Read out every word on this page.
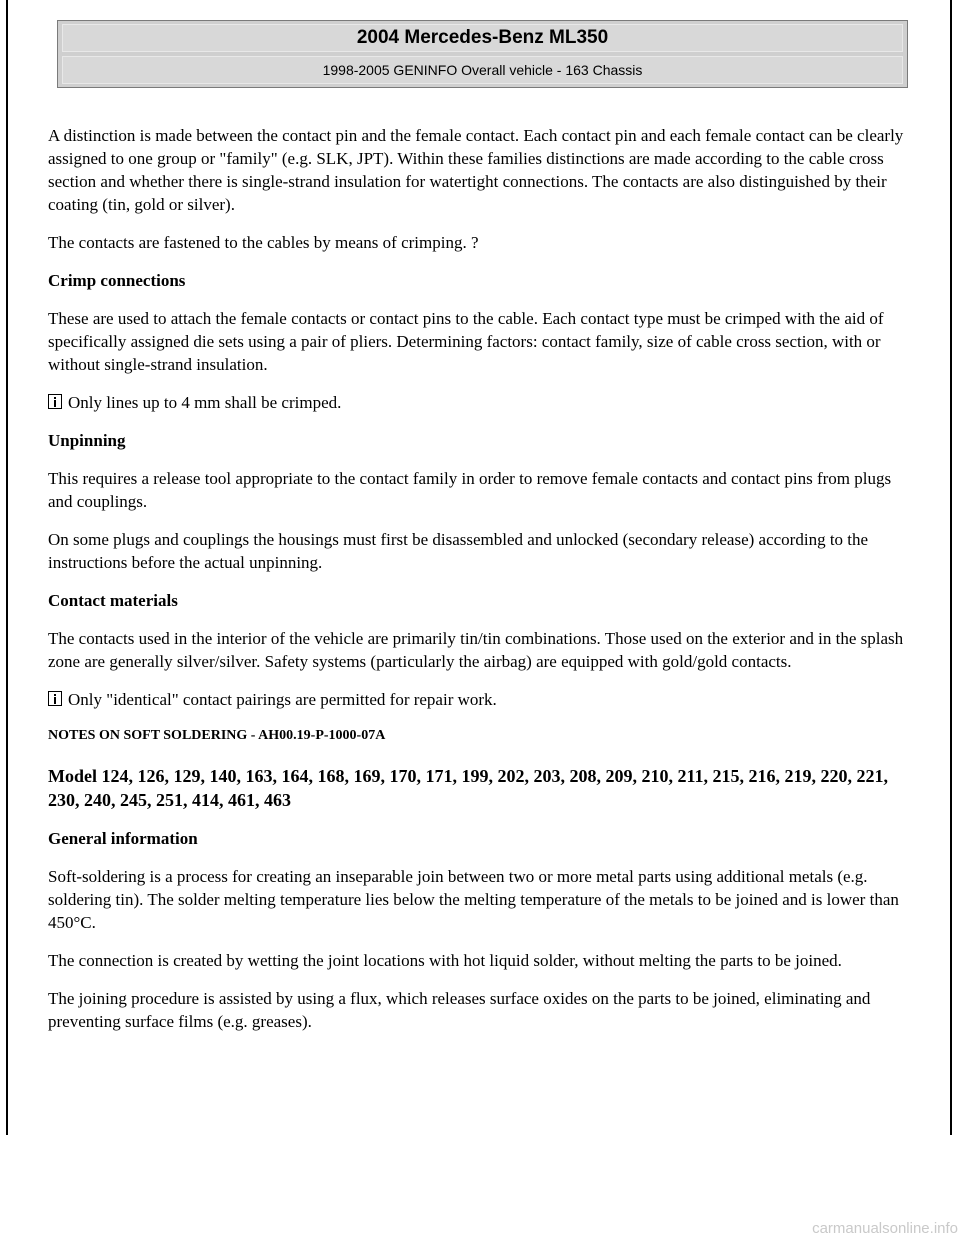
2004 Mercedes-Benz ML350
1998-2005 GENINFO Overall vehicle - 163 Chassis

A distinction is made between the contact pin and the female contact. Each contact pin and each female contact can be clearly assigned to one group or "family" (e.g. SLK, JPT). Within these families distinctions are made according to the cable cross section and whether there is single-strand insulation for watertight connections. The contacts are also distinguished by their coating (tin, gold or silver).

The contacts are fastened to the cables by means of crimping. ?

Crimp connections

These are used to attach the female contacts or contact pins to the cable. Each contact type must be crimped with the aid of specifically assigned die sets using a pair of pliers. Determining factors: contact family, size of cable cross section, with or without single-strand insulation.

Only lines up to 4 mm shall be crimped.

Unpinning

This requires a release tool appropriate to the contact family in order to remove female contacts and contact pins from plugs and couplings.

On some plugs and couplings the housings must first be disassembled and unlocked (secondary release) according to the instructions before the actual unpinning.

Contact materials

The contacts used in the interior of the vehicle are primarily tin/tin combinations. Those used on the exterior and in the splash zone are generally silver/silver. Safety systems (particularly the airbag) are equipped with gold/gold contacts.

Only "identical" contact pairings are permitted for repair work.

NOTES ON SOFT SOLDERING - AH00.19-P-1000-07A

Model 124, 126, 129, 140, 163, 164, 168, 169, 170, 171, 199, 202, 203, 208, 209, 210, 211, 215, 216, 219, 220, 221, 230, 240, 245, 251, 414, 461, 463

General information

Soft-soldering is a process for creating an inseparable join between two or more metal parts using additional metals (e.g. soldering tin). The solder melting temperature lies below the melting temperature of the metals to be joined and is lower than 450°C.

The connection is created by wetting the joint locations with hot liquid solder, without melting the parts to be joined.

The joining procedure is assisted by using a flux, which releases surface oxides on the parts to be joined, eliminating and preventing surface films (e.g. greases).

carmanualsonline.info
